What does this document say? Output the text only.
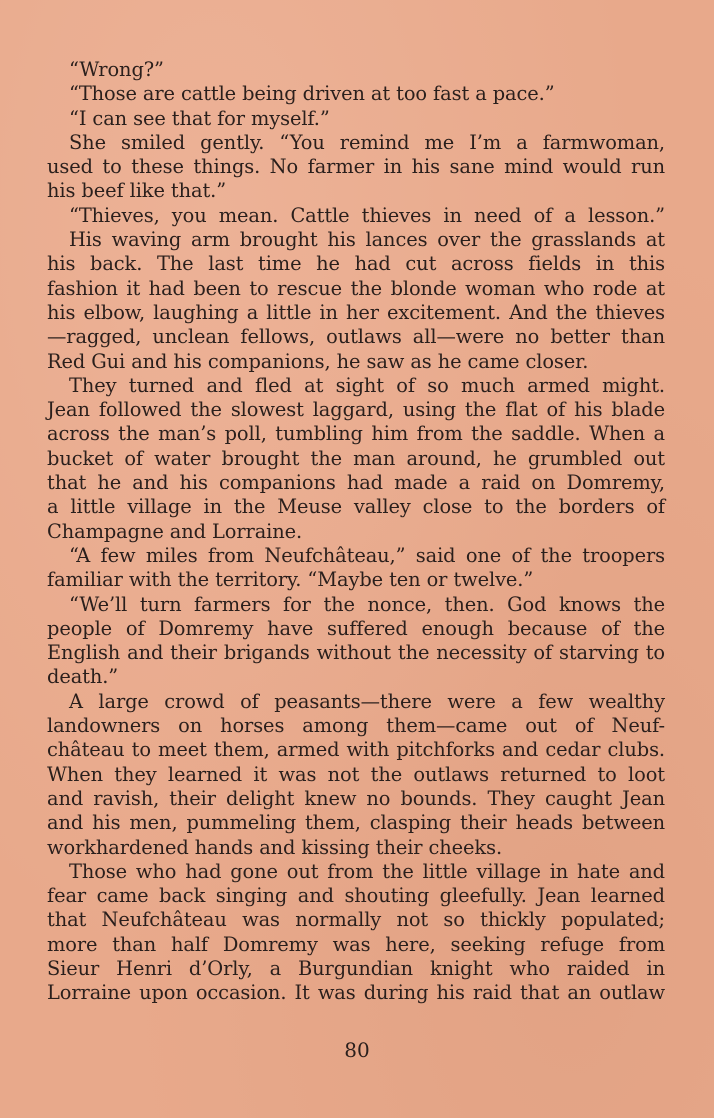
“Wrong?”
“Those are cattle being driven at too fast a pace.”
“I can see that for myself.”
She smiled gently. “You remind me I’m a farmwoman,
used to these things. No farmer in his sane mind would run
his beef like that.”
“Thieves, you mean. Cattle thieves in need of a lesson.”
His waving arm brought his lances over the grasslands at
his back. The last time he had cut across fields in this
fashion it had been to rescue the blonde woman who rode at
his elbow, laughing a little in her excitement. And the thieves
—ragged, unclean fellows, outlaws all—were no better than
Red Gui and his companions, he saw as he came closer.
They turned and fled at sight of so much armed might.
Jean followed the slowest laggard, using the flat of his blade
across the man’s poll, tumbling him from the saddle. When a
bucket of water brought the man around, he grumbled out
that he and his companions had made a raid on Domremy,
a little village in the Meuse valley close to the borders of
Champagne and Lorraine.
“A few miles from Neufchâteau,” said one of the troopers
familiar with the territory. “Maybe ten or twelve.”
“We’ll turn farmers for the nonce, then. God knows the
people of Domremy have suffered enough because of the
English and their brigands without the necessity of starving to
death.”
A large crowd of peasants—there were a few wealthy
landowners on horses among them—came out of Neuf-
château to meet them, armed with pitchforks and cedar clubs.
When they learned it was not the outlaws returned to loot
and ravish, their delight knew no bounds. They caught Jean
and his men, pummeling them, clasping their heads between
workhardened hands and kissing their cheeks.
Those who had gone out from the little village in hate and
fear came back singing and shouting gleefully. Jean learned
that Neufchâteau was normally not so thickly populated;
more than half Domremy was here, seeking refuge from
Sieur Henri d’Orly, a Burgundian knight who raided in
Lorraine upon occasion. It was during his raid that an outlaw
80
